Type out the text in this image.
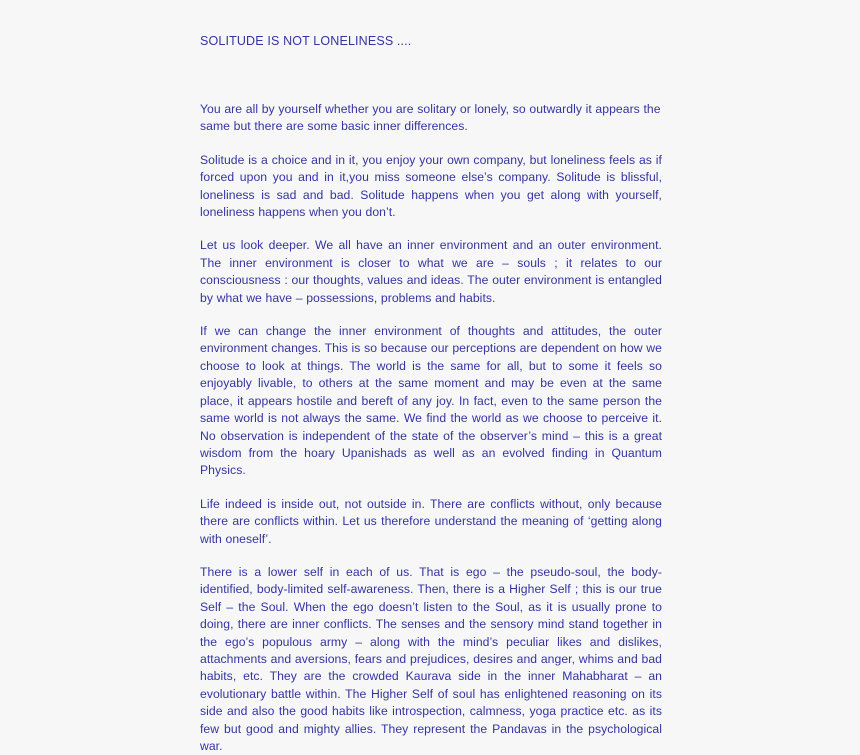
SOLITUDE IS NOT LONELINESS ....

You are all by yourself whether you are solitary or lonely, so outwardly it appears the same but there are some basic inner differences.

Solitude is a choice and in it, you enjoy your own company, but loneliness feels as if forced upon you and in it,you miss someone else’s company. Solitude is blissful, loneliness is sad and bad. Solitude happens when you get along with yourself, loneliness happens when you don’t.

Let us look deeper. We all have an inner environment and an outer environment. The inner environment is closer to what we are – souls ; it relates to our consciousness : our thoughts, values and ideas. The outer environment is entangled by what we have – possessions, problems and habits.

If we can change the inner environment of thoughts and attitudes, the outer environment changes. This is so because our perceptions are dependent on how we choose to look at things. The world is the same for all, but to some it feels so enjoyably livable, to others at the same moment and may be even at the same place, it appears hostile and bereft of any joy. In fact, even to the same person the same world is not always the same. We find the world as we choose to perceive it. No observation is independent of the state of the observer’s mind – this is a great wisdom from the hoary Upanishads as well as an evolved finding in Quantum Physics.

Life indeed is inside out, not outside in. There are conflicts without, only because there are conflicts within. Let us therefore understand the meaning of ‘getting along with oneself’.

There is a lower self in each of us. That is ego – the pseudo-soul, the body-identified, body-limited self-awareness. Then, there is a Higher Self ; this is our true Self – the Soul. When the ego doesn’t listen to the Soul, as it is usually prone to doing, there are inner conflicts. The senses and the sensory mind stand together in the ego’s populous army – along with the mind’s peculiar likes and dislikes, attachments and aversions, fears and prejudices, desires and anger, whims and bad habits, etc. They are the crowded Kaurava side in the inner Mahabharat – an evolutionary battle within. The Higher Self of soul has enlightened reasoning on its side and also the good habits like introspection, calmness, yoga practice etc. as its few but good and mighty allies. They represent the Pandavas in the psychological war.
